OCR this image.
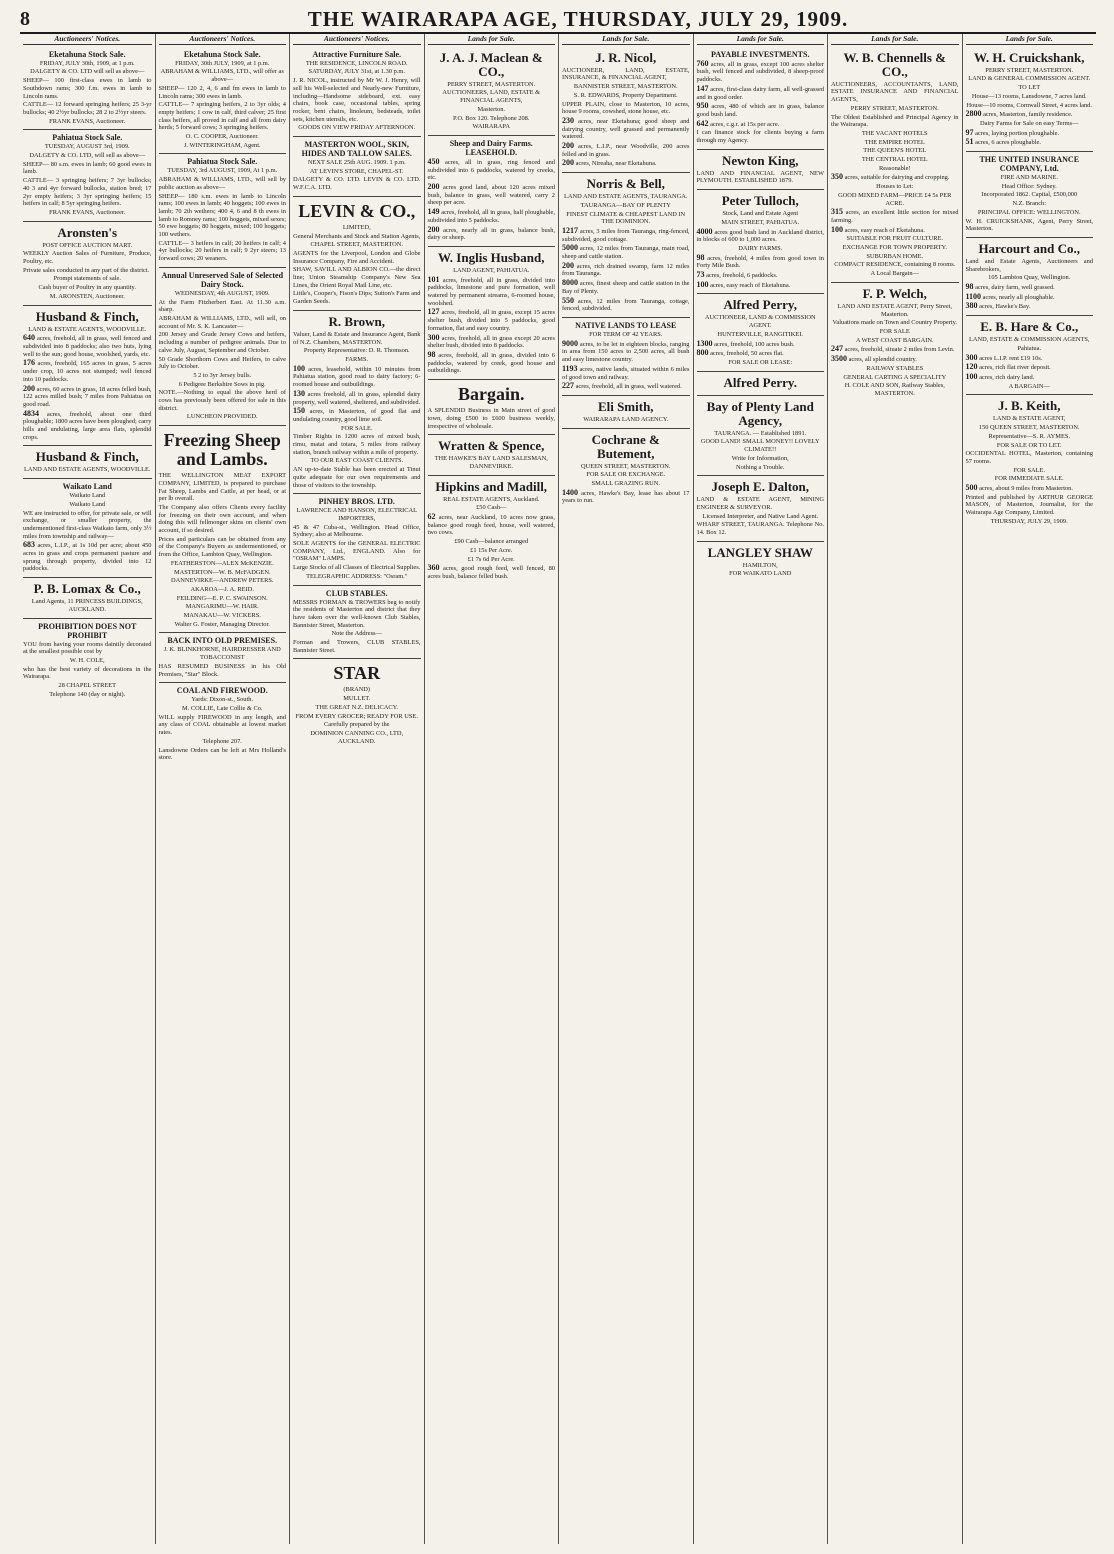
8	THE WAIRARAPA AGE, THURSDAY, JULY 29, 1909.
Auctioneers' Notices.
Eketahuna Stock Sale.

FRIDAY, JULY 30th, 1909, at 1 p.m.

DALGETY & CO. LTD will sell as above—

SHEEP— 100 first-class ewes in lamb to Southdown rams; 300 f.m. ewes in lamb to Lincoln rams.

CATTLE— 12 forward springing heifers; 25 3-yr bullocks; 40 2½yr bullocks; 28 2 to 2½yr steers.

FRANK EVANS, Auctioneer.

Pahiatua Stock Sale.

TUESDAY, AUGUST 3rd, 1909.

DALGETY & CO. LTD, will sell as above—

SHEEP— 80 s.m. ewes in lamb; 60 good ewes in lamb.

CATTLE— 3 springing heifers; 7 3yr bullocks; 40 3 and 4yr forward bullocks, station bred; 17 2yr empty heifers; 3 3yr springing heifers; 15 heifers in calf; 8 5yr springing heifers.

FRANK EVANS, Auctioneer.

Aronsten's

POST OFFICE AUCTION MART.

WEEKLY Auction Sales of Furniture, Produce, Poultry, etc.

Private sales conducted in any part of the district.

Prompt statements of sale.

Cash buyer of Poultry in any quantity.

M. ARONSTEN, Auctioneer.

Husband & Finch,

LAND & ESTATE AGENTS, WOODVILLE.

640 acres, freehold, all in grass, well fenced and subdivided into 8 paddocks; also two huts, lying well to the sun; good house, woolshed, yards, etc.

176 acres, freehold, 165 acres in grass, 5 acres under crop, 10 acres not stumped; well fenced into 10 paddocks.

200 acres, 60 acres in grass, 18 acres felled bush, 122 acres milled bush; 7 miles from Pahiatua on good road.

4834 acres, freehold, about one third ploughable; 1800 acres have been ploughed; carry hills and undulating, large area flats, splendid crops.

Husband & Finch,

LAND AND ESTATE AGENTS, WOODVILLE.

Waikato Land

Waikato Land

Waikato Land

WE are instructed to offer, for private sale, or will exchange, or smaller property, the undermentioned first-class Waikato farm, only 3½ miles from township and railway—

683 acres, L.I.P., at 1s 10d per acre; about 450 acres in grass and crops permanent pasture and sprung through property, divided into 12 paddocks.

P. B. Lomax & Co.,

Land Agents, 11 PRINCESS BUILDINGS, AUCKLAND.

PROHIBITION DOES NOT PROHIBIT

YOU from having your rooms daintily decorated at the smallest possible cost by

W. H. COLE,

who has the best variety of decorations in the Wairarapa.

28 CHAPEL STREET

Telephone 140 (day or night).

Auctioneers' Notices.
Eketahuna Stock Sale.

FRIDAY, 30th JULY, 1909, at 1 p.m.

ABRAHAM & WILLIAMS, LTD., will offer as above—

SHEEP— 120 2, 4, 6 and fm ewes in lamb to Lincoln rams; 300 ewes in lamb.

CATTLE— 7 springing heifers, 2 to 3yr olds; 4 empty heifers; 1 cow in calf, third calver; 25 first class heifers, all proved in calf and all from dairy herds; 5 forward cows; 3 springing heifers.

O. C. COOPER, Auctioneer.

J. WINTERINGHAM, Agent.

Pahiatua Stock Sale.

TUESDAY, 3rd AUGUST, 1909, At 1 p.m.

ABRAHAM & WILLIAMS, LTD., will sell by public auction as above—

SHEEP— 180 s.m. ewes in lamb to Lincoln rams; 100 ewes in lamb; 40 hoggets; 100 ewes in lamb; 70 2th wethers; 400 4, 6 and 8 th ewes in lamb to Romney rams; 100 hoggets, mixed sexes; 50 ewe hoggets; 80 hoggets, mixed; 100 hoggets; 100 wethers.

CATTLE— 3 heifers in calf; 20 heifers in calf; 4 4yr bullocks; 20 heifers in calf; 9 2yr steers; 13 forward cows; 20 weaners.

Annual Unreserved Sale of Selected Dairy Stock.

WEDNESDAY, 4th AUGUST, 1909.

At the Farm Fitzherbert East. At 11.30 a.m. sharp.

ABRAHAM & WILLIAMS, LTD., will sell, on account of Mr. S. K. Lancaster—

200 Jersey and Grade Jersey Cows and heifers, including a number of pedigree animals. Due to calve July, August, September and October.

50 Grade Shorthorn Cows and Heifers, to calve July to October.

5 2 to 3yr Jersey bulls.

6 Pedigree Berkshire Sows in pig.

NOTE.—Nothing to equal the above herd of cows has previously been offered for sale in this district.

LUNCHEON PROVIDED.

Freezing Sheep and Lambs.

THE WELLINGTON MEAT EXPORT COMPANY, LIMITED, is prepared to purchase Fat Sheep, Lambs and Cattle, at per head, or at per lb overall.

The Company also offers Clients every facility for freezing on their own account, and when doing this will fellmonger skins on clients' own account, if so desired.

Prices and particulars can be obtained from any of the Company's Buyers as undermentioned, or from the Office, Lambton Quay, Wellington.

FEATHERSTON—ALEX McKENZIE.

MASTERTON—W. B. McFADGEN.

DANNEVIRKE—ANDREW PETERS.

AKAROA—J. A. REID.

FEILDING—E. P. C. SWAINSON.

MANGARIMU—W. HAIR.

MANAKAU—W. VICKERS.

Walter G. Foster, Managing Director.

BACK INTO OLD PREMISES.

J. K. BLINKHORNE, HAIRDRESSER AND TOBACCONIST

HAS RESUMED BUSINESS in his Old Premises, "Star" Block.

COAL AND FIREWOOD.

Yards: Dixon-st., South.

M. COLLIE, Late Collie & Co.

WILL supply FIREWOOD in any length, and any class of COAL obtainable at lowest market rates.

Telephone 207.

Lansdowne Orders can be left at Mrs Holland's store.

Auctioneers' Notices.
Attractive Furniture Sale.

THE RESIDENCE, LINCOLN ROAD.

SATURDAY, JULY 31st, at 1.30 p.m.

J. R. NICOL, instructed by Mr W. J. Henry, will sell his Well-selected and Nearly-new Furniture, including—Handsome sideboard, ext. easy chairs, book case, occasional tables, spring rocker, bent chairs, linoleum, bedsteads, toilet sets, kitchen utensils, etc.

GOODS ON VIEW FRIDAY AFTERNOON.

MASTERTON WOOL, SKIN, HIDES AND TALLOW SALES.

NEXT SALE 25th AUG. 1909. 1 p.m.

AT LEVIN'S STORE, CHAPEL-ST.

DALGETY & CO. LTD. LEVIN & CO. LTD. W.F.C.A. LTD.

LEVIN & CO.,

LIMITED,

General Merchants and Stock and Station Agents,

CHAPEL STREET, MASTERTON.

AGENTS for the Liverpool, London and Globe Insurance Company, Fire and Accident.

SHAW, SAVILL AND ALBION CO.—the direct line; Union Steamship Company's New Sea Lines, the Orient Royal Mail Line, etc.

Little's, Cooper's, Fison's Dips; Sutton's Farm and Garden Seeds.

R. Brown,

Valuer, Land & Estate and Insurance Agent, Bank of N.Z. Chambers, MASTERTON.

Property Representative: D. R. Thomson.

FARMS.

100 acres, leasehold, within 10 minutes from Pahiatua station, good road to dairy factory; 6-roomed house and outbuildings.

130 acres freehold, all in grass, splendid dairy property, well watered, sheltered, and subdivided.

150 acres, in Masterton, of good flat and undulating country, good lime soil.

FOR SALE.

Timber Rights in 1200 acres of mixed bush, rimu, matai and totara, 5 miles from railway station, branch railway within a mile of property.

TO OUR EAST COAST CLIENTS.

AN up-to-date Stable has been erected at Tinui quite adequate for our own requirements and those of visitors to the township.

PINHEY BROS. LTD.

LAWRENCE AND HANSON, ELECTRICAL IMPORTERS,

45 & 47 Cuba-st., Wellington. Head Office, Sydney; also at Melbourne.

SOLE AGENTS for the GENERAL ELECTRIC COMPANY, Ltd., ENGLAND. Also for "OSRAM" LAMPS.

Large Stocks of all Classes of Electrical Supplies.

TELEGRAPHIC ADDRESS: "Osram."

CLUB STABLES.

MESSRS FORMAN & TROWERS beg to notify the residents of Masterton and district that they have taken over the well-known Club Stables, Bannister Street, Masterton.

Note the Address—

Forman and Trowers, CLUB STABLES, Bannister Street.

STAR

(BRAND)

MULLET.

THE GREAT N.Z. DELICACY.

FROM EVERY GROCER; READY FOR USE.

Carefully prepared by the

DOMINION CANNING CO., LTD, AUCKLAND.

Lands for Sale.
J. A. J. Maclean & CO.,

PERRY STREET, MASTERTON.

AUCTIONEERS, LAND, ESTATE & FINANCIAL AGENTS,

Masterton.

P.O. Box 120. Telephone 208.

WAIRARAPA

Sheep and Dairy Farms. LEASEHOLD.

450 acres, all in grass, ring fenced and subdivided into 6 paddocks, watered by creeks, etc.

200 acres good land, about 120 acres mixed bush, balance in grass, well watered, carry 2 sheep per acre.

149 acres, freehold, all in grass, half ploughable, subdivided into 5 paddocks.

200 acres, nearly all in grass, balance bush, dairy or sheep.

W. Inglis Husband,

LAND AGENT, PAHIATUA.

101 acres, freehold, all in grass, divided into paddocks, limestone and pure formation, well watered by permanent streams, 6-roomed house, woolshed.

127 acres, freehold, all in grass, except 15 acres shelter bush, divided into 5 paddocks, good formation, flat and easy country.

300 acres, freehold, all in grass except 20 acres shelter bush, divided into 8 paddocks.

98 acres, freehold, all in grass, divided into 6 paddocks, watered by creek, good house and outbuildings.

Bargain.

A SPLENDID Business in Main street of good town, doing £500 to £600 business weekly, irrespective of wholesale.

Wratten & Spence,

THE HAWKE'S BAY LAND SALESMAN, DANNEVIRKE.

Hipkins and Madill,

REAL ESTATE AGENTS, Auckland.

£50 Cash—

62 acres, near Auckland, 10 acres now grass, balance good rough feed, house, well watered, two cows.

£90 Cash—balance arranged

£1 15s Per Acre.

£1 7s 6d Per Acre.

360 acres, good rough feed, well fenced, 80 acres bush, balance felled bush.

Lands for Sale.
J. R. Nicol,

AUCTIONEER, LAND, ESTATE, INSURANCE, & FINANCIAL AGENT,

BANNISTER STREET, MASTERTON.

S. R. EDWARDS, Property Department.

UPPER PLAIN, close to Masterton, 10 acres, house 9 rooms, cowshed, stone house, etc.

230 acres, near Eketahuna; good sheep and dairying country, well grassed and permanently watered.

200 acres, L.I.P., near Woodville, 200 acres felled and in grass.

200 acres, Nireaha, near Eketahuna.

Norris & Bell,

LAND AND ESTATE AGENTS, TAURANGA.

TAURANGA—BAY OF PLENTY

FINEST CLIMATE & CHEAPEST LAND IN THE DOMINION.

1217 acres, 3 miles from Tauranga, ring-fenced, subdivided, good cottage.

5000 acres, 12 miles from Tauranga, main road, sheep and cattle station.

200 acres, rich drained swamp, farm 12 miles from Tauranga.

8000 acres, finest sheep and cattle station in the Bay of Plenty.

550 acres, 12 miles from Tauranga, cottage, fenced, subdivided.

NATIVE LANDS TO LEASE

FOR TERM OF 42 YEARS.

9000 acres, to be let in eighteen blocks, ranging in area from 150 acres to 2,500 acres, all bush and easy limestone country.

1193 acres, native lands, situated within 6 miles of good town and railway.

227 acres, freehold, all in grass, well watered.

Eli Smith,

WAIRARAPA LAND AGENCY.

Cochrane & Butement,

QUEEN STREET, MASTERTON.

FOR SALE OR EXCHANGE.

SMALL GRAZING RUN.

1400 acres, Hawke's Bay, lease has about 17 years to run.

Lands for Sale.
PAYABLE INVESTMENTS.

760 acres, all in grass, except 100 acres shelter bush, well fenced and subdivided, 8 sheep-proof paddocks.

147 acres, first-class dairy farm, all well-grassed and in good order.

950 acres, 480 of which are in grass, balance good bush land.

642 acres, c.g.r. at 15s per acre.

I can finance stock for clients buying a farm through my Agency.

Newton King,

LAND AND FINANCIAL AGENT, NEW PLYMOUTH. ESTABLISHED 1879.

Peter Tulloch,

Stock, Land and Estate Agent

MAIN STREET, PAHIATUA.

4000 acres good bush land in Auckland district, in blocks of 600 to 1,000 acres.

DAIRY FARMS.

98 acres, freehold, 4 miles from good town in Forty Mile Bush.

73 acres, freehold, 6 paddocks.

100 acres, easy reach of Eketahuna.

Alfred Perry,

AUCTIONEER, LAND & COMMISSION AGENT.

HUNTERVILLE, RANGITIKEI.

1300 acres, freehold, 100 acres bush.

800 acres, freehold, 50 acres flat.

FOR SALE OR LEASE:

Alfred Perry.
Bay of Plenty Land Agency,

TAURANGA. — Established 1891.

GOOD LAND! SMALL MONEY!! LOVELY CLIMATE!!

Write for Information,

Nothing a Trouble.

Joseph E. Dalton,

LAND & ESTATE AGENT, MINING ENGINEER & SURVEYOR.

Licensed Interpreter, and Native Land Agent.

WHARF STREET, TAURANGA. Telephone No. 14. Box 12.

LANGLEY SHAW

HAMILTON,

FOR WAIKATO LAND

Lands for Sale.
W. B. Chennells & CO.,

AUCTIONEERS, ACCOUNTANTS, LAND, ESTATE INSURANCE AND FINANCIAL AGENTS,

PERRY STREET, MASTERTON.

The Oldest Established and Principal Agency in the Wairarapa.

THE VACANT HOTELS

THE EMPIRE HOTEL

THE QUEEN'S HOTEL

THE CENTRAL HOTEL

Reasonable!

350 acres, suitable for dairying and cropping.

Houses to Let:

GOOD MIXED FARM—PRICE £4 5s PER ACRE.

315 acres, an excellent little section for mixed farming.

100 acres, easy reach of Eketahuna.

SUITABLE FOR FRUIT CULTURE.

EXCHANGE FOR TOWN PROPERTY.

SUBURBAN HOME.

COMPACT RESIDENCE, containing 8 rooms.

A Local Bargain—

F. P. Welch,

LAND AND ESTATE AGENT, Perry Street, Masterton.

Valuations made on Town and Country Property.

FOR SALE

A WEST COAST BARGAIN.

247 acres, freehold, situate 2 miles from Levin.

3500 acres, all splendid country.

RAILWAY STABLES

GENERAL CARTING A SPECIALITY

H. COLE AND SON, Railway Stables, MASTERTON.

Lands for Sale.
W. H. Cruickshank,

PERRY STREET, MASTERTON.

LAND & GENERAL COMMISSION AGENT.

TO LET

House—13 rooms, Lansdowne, 7 acres land.

House—10 rooms, Cornwall Street, 4 acres land.

2800 acres, Masterton, family residence.

Dairy Farms for Sale on easy Terms—

97 acres, laying portion ploughable.

51 acres, 6 acres ploughable.

THE UNITED INSURANCE COMPANY, Ltd.

FIRE AND MARINE.

Head Office: Sydney.

Incorporated 1862. Capital, £500,000

N.Z. Branch:

PRINCIPAL OFFICE: WELLINGTON.

W. H. CRUICKSHANK, Agent, Perry Street, Masterton.

Harcourt and Co.,

Land and Estate Agents, Auctioneers and Sharebrokers,

105 Lambton Quay, Wellington.

98 acres, dairy farm, well grassed.

1100 acres, nearly all ploughable.

380 acres, Hawke's Bay.

E. B. Hare & Co.,

LAND, ESTATE & COMMISSION AGENTS,

Pahiatua.

300 acres L.I.P. rent £19 10s.

120 acres, rich flat river deposit.

100 acres, rich dairy land.

A BARGAIN—

J. B. Keith,

LAND & ESTATE AGENT,

150 QUEEN STREET, MASTERTON.

Representative—S. R. AYMES.

FOR SALE OR TO LET.

OCCIDENTAL HOTEL, Masterton, containing 57 rooms.

FOR SALE.

FOR IMMEDIATE SALE.

500 acres, about 9 miles from Masterton.

Printed and published by ARTHUR GEORGE MASON, of Masterton, Journalist, for the Wairarapa Age Company, Limited.

THURSDAY, JULY 29, 1909.
